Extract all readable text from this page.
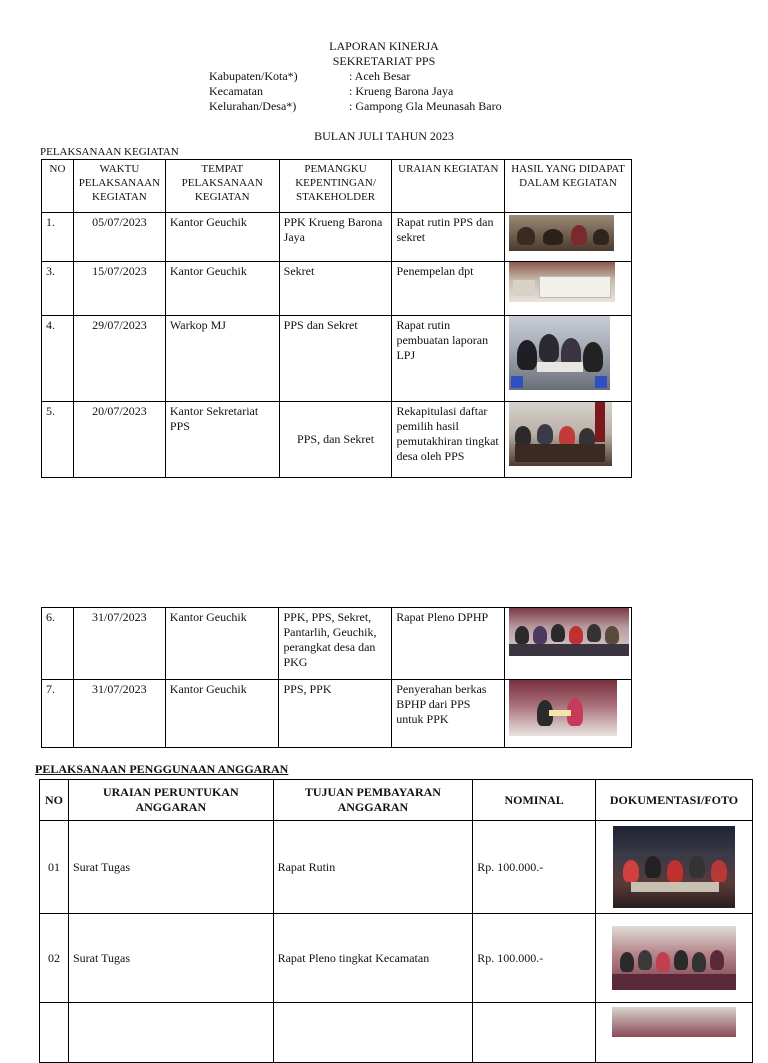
LAPORAN KINERJA
SEKRETARIAT PPS
Kabupaten/Kota*)	: Aceh Besar
Kecamatan	: Krueng Barona Jaya
Kelurahan/Desa*)	: Gampong Gla Meunasah Baro
BULAN JULI TAHUN 2023
PELAKSANAAN KEGIATAN
NO	WAKTU PELAKSANAAN KEGIATAN	TEMPAT PELAKSANAAN KEGIATAN	PEMANGKU KEPENTINGAN/ STAKEHOLDER	URAIAN KEGIATAN	HASIL YANG DIDAPAT DALAM KEGIATAN
1.	05/07/2023	Kantor Geuchik	PPK Krueng Barona Jaya	Rapat rutin PPS dan sekret	

3.	15/07/2023	Kantor Geuchik	Sekret	Penempelan dpt	

4.	29/07/2023	Warkop MJ	PPS dan Sekret	Rapat rutin pembuatan laporan LPJ	

5.	20/07/2023	Kantor Sekretariat PPS	PPS, dan Sekret	Rekapitulasi daftar pemilih hasil pemutakhiran tingkat desa oleh PPS	
6.	31/07/2023	Kantor Geuchik	PPK, PPS, Sekret, Pantarlih, Geuchik, perangkat desa dan PKG	Rapat Pleno DPHP	

7.	31/07/2023	Kantor Geuchik	PPS, PPK	Penyerahan berkas BPHP dari PPS untuk PPK	
PELAKSANAAN PENGGUNAAN ANGGARAN
NO	URAIAN PERUNTUKAN ANGGARAN	TUJUAN PEMBAYARAN ANGGARAN	NOMINAL	DOKUMENTASI/FOTO
01	Surat Tugas	Rapat Rutin	Rp. 100.000.-	

02	Surat Tugas	Rapat Pleno tingkat Kecamatan	Rp. 100.000.-	
